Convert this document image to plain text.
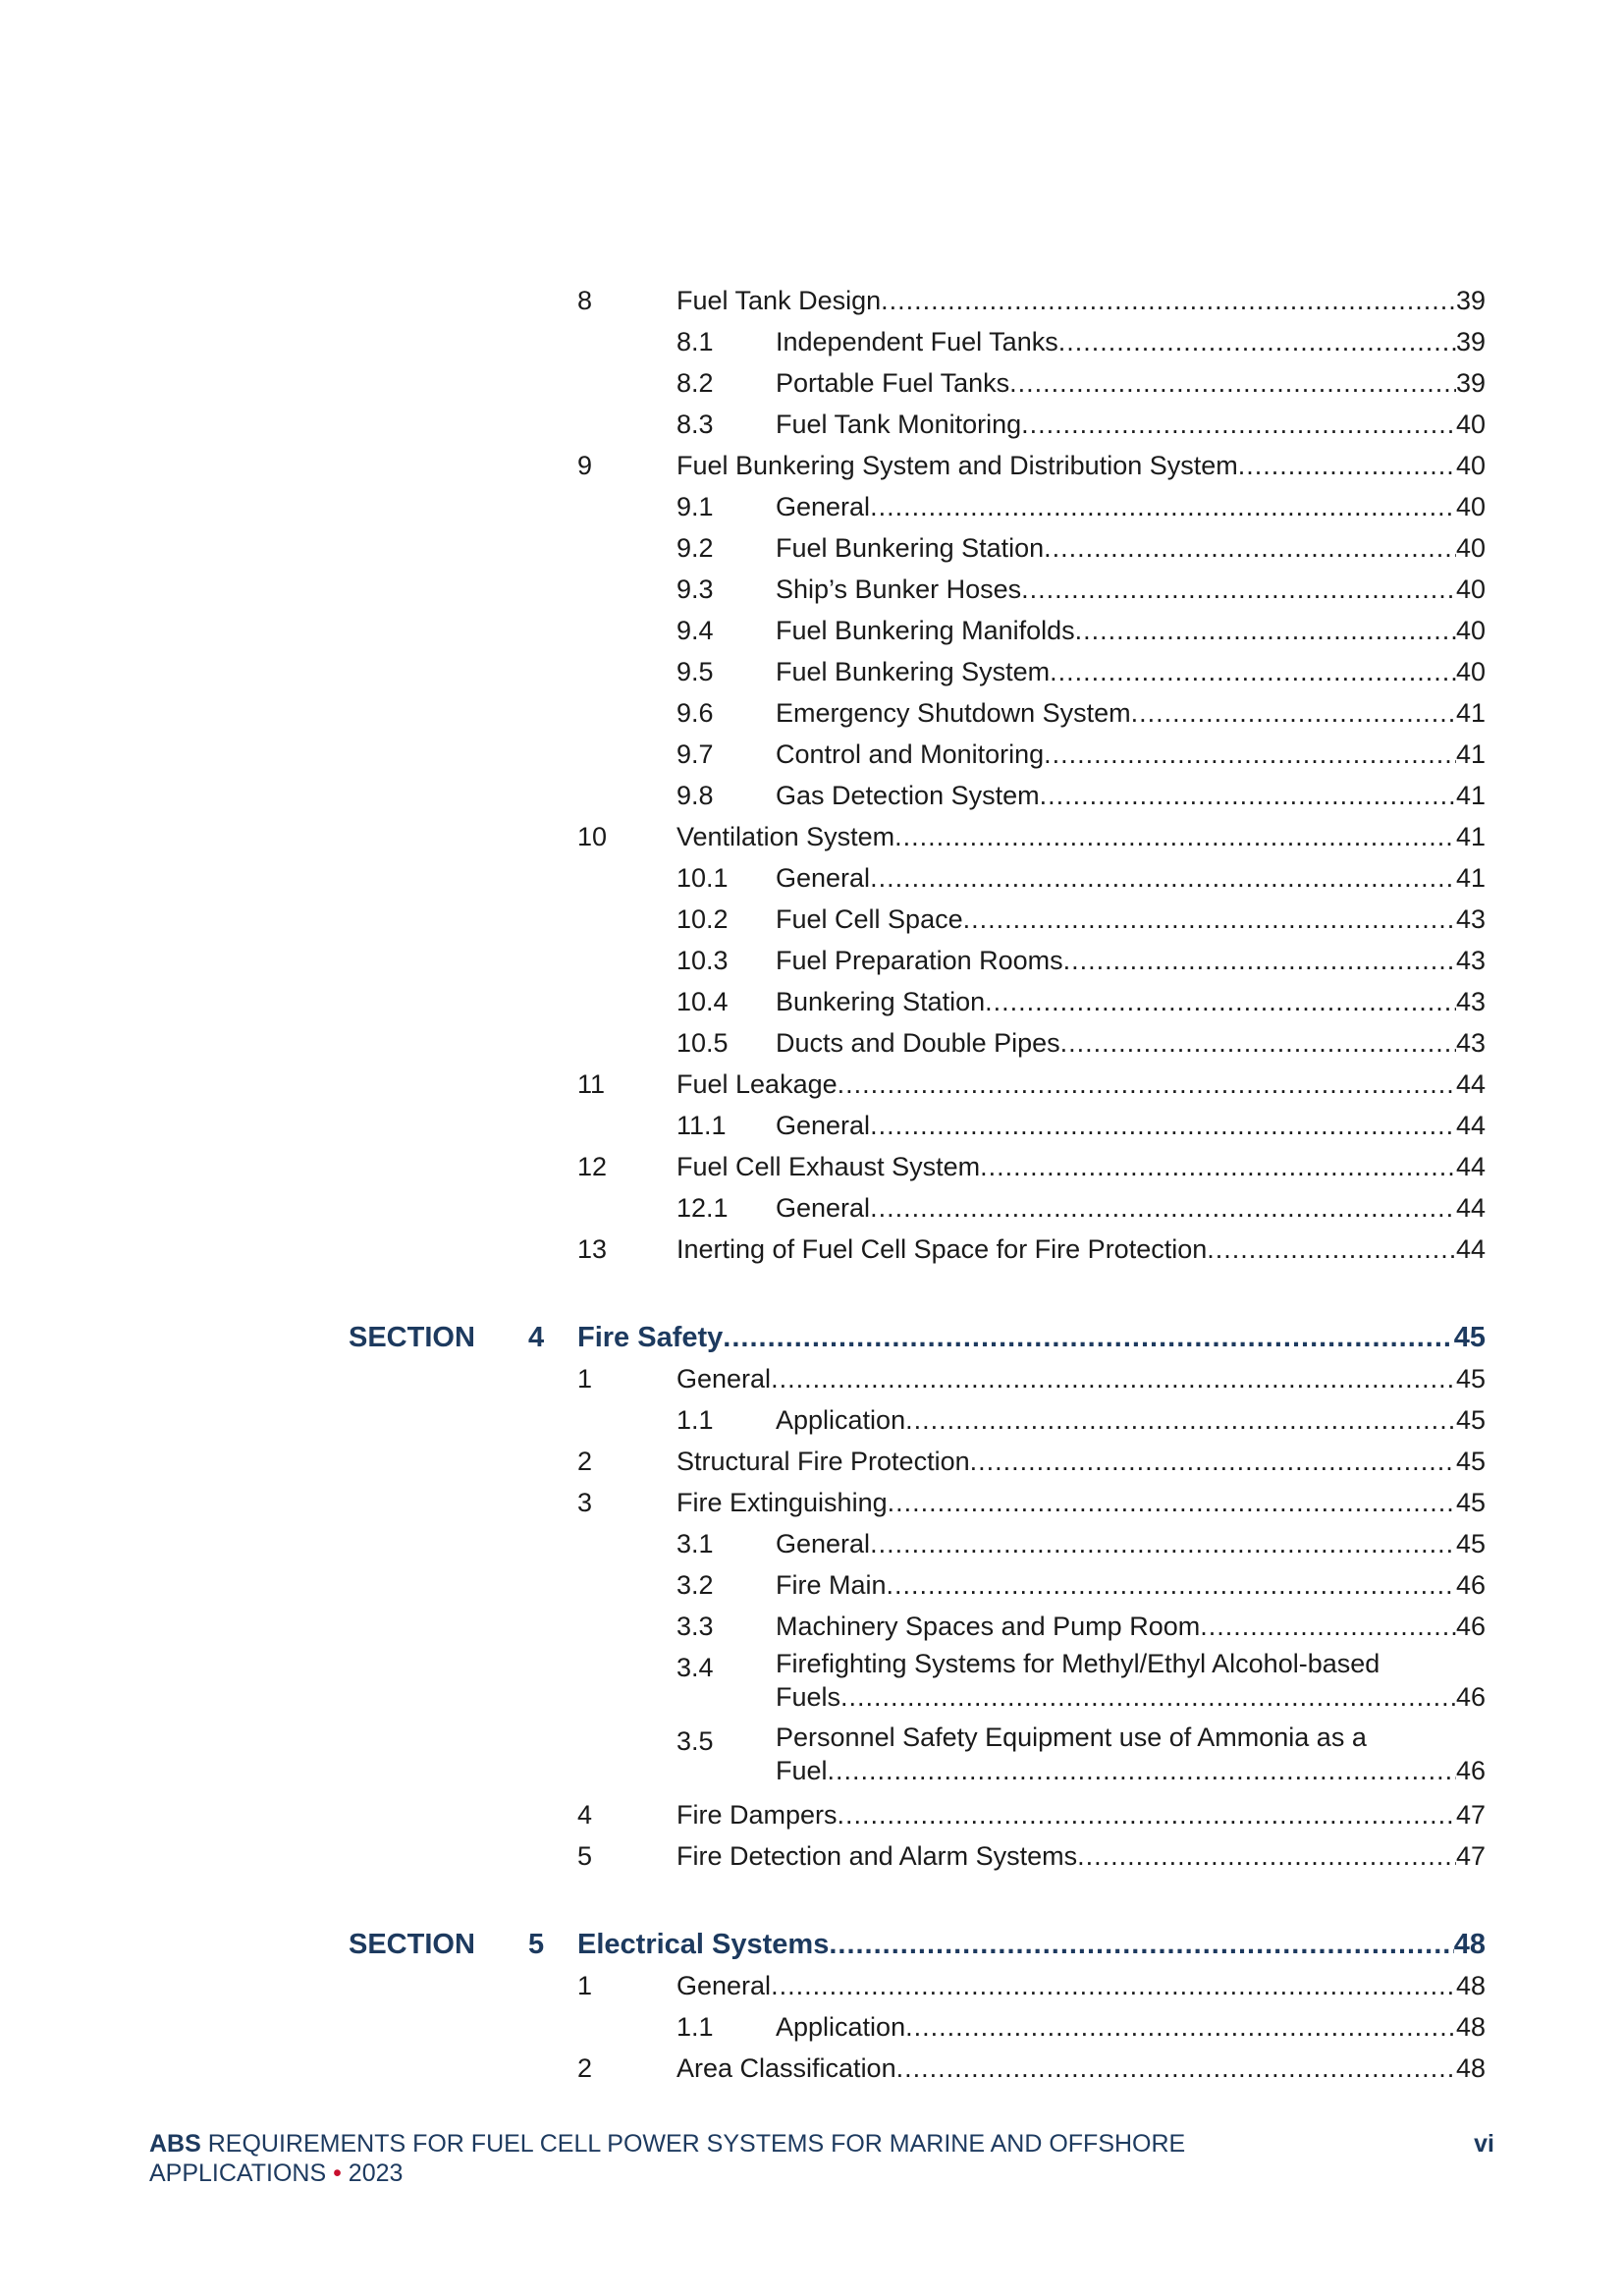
8	Fuel Tank Design .....	39
8.1 Independent Fuel Tanks .....	39
8.2 Portable Fuel Tanks .....	39
8.3 Fuel Tank Monitoring .....	40
9	Fuel Bunkering System and Distribution System .....	40
9.1 General .....	40
9.2 Fuel Bunkering Station .....	40
9.3 Ship’s Bunker Hoses .....	40
9.4 Fuel Bunkering Manifolds .....	40
9.5 Fuel Bunkering System .....	40
9.6 Emergency Shutdown System .....	41
9.7 Control and Monitoring .....	41
9.8 Gas Detection System .....	41
10	Ventilation System .....	41
10.1 General .....	41
10.2 Fuel Cell Space .....	43
10.3 Fuel Preparation Rooms .....	43
10.4 Bunkering Station .....	43
10.5 Ducts and Double Pipes .....	43
11	Fuel Leakage .....	44
11.1 General .....	44
12	Fuel Cell Exhaust System .....	44
12.1 General .....	44
13	Inerting of Fuel Cell Space for Fire Protection .....	44
SECTION 4 Fire Safety .....	45
1	General .....	45
1.1 Application .....	45
2	Structural Fire Protection .....	45
3	Fire Extinguishing .....	45
3.1 General .....	45
3.2 Fire Main .....	46
3.3 Machinery Spaces and Pump Room .....	46
3.4 Firefighting Systems for Methyl/Ethyl Alcohol-based
Fuels .....	46
3.5 Personnel Safety Equipment use of Ammonia as a
Fuel .....	46
4	Fire Dampers .....	47
5	Fire Detection and Alarm Systems .....	47
SECTION 5 Electrical Systems .....	48
1	General .....	48
1.1 Application .....	48
2	Area Classification .....	48
ABS REQUIREMENTS FOR FUEL CELL POWER SYSTEMS FOR MARINE AND OFFSHORE
APPLICATIONS • 2023
vi
